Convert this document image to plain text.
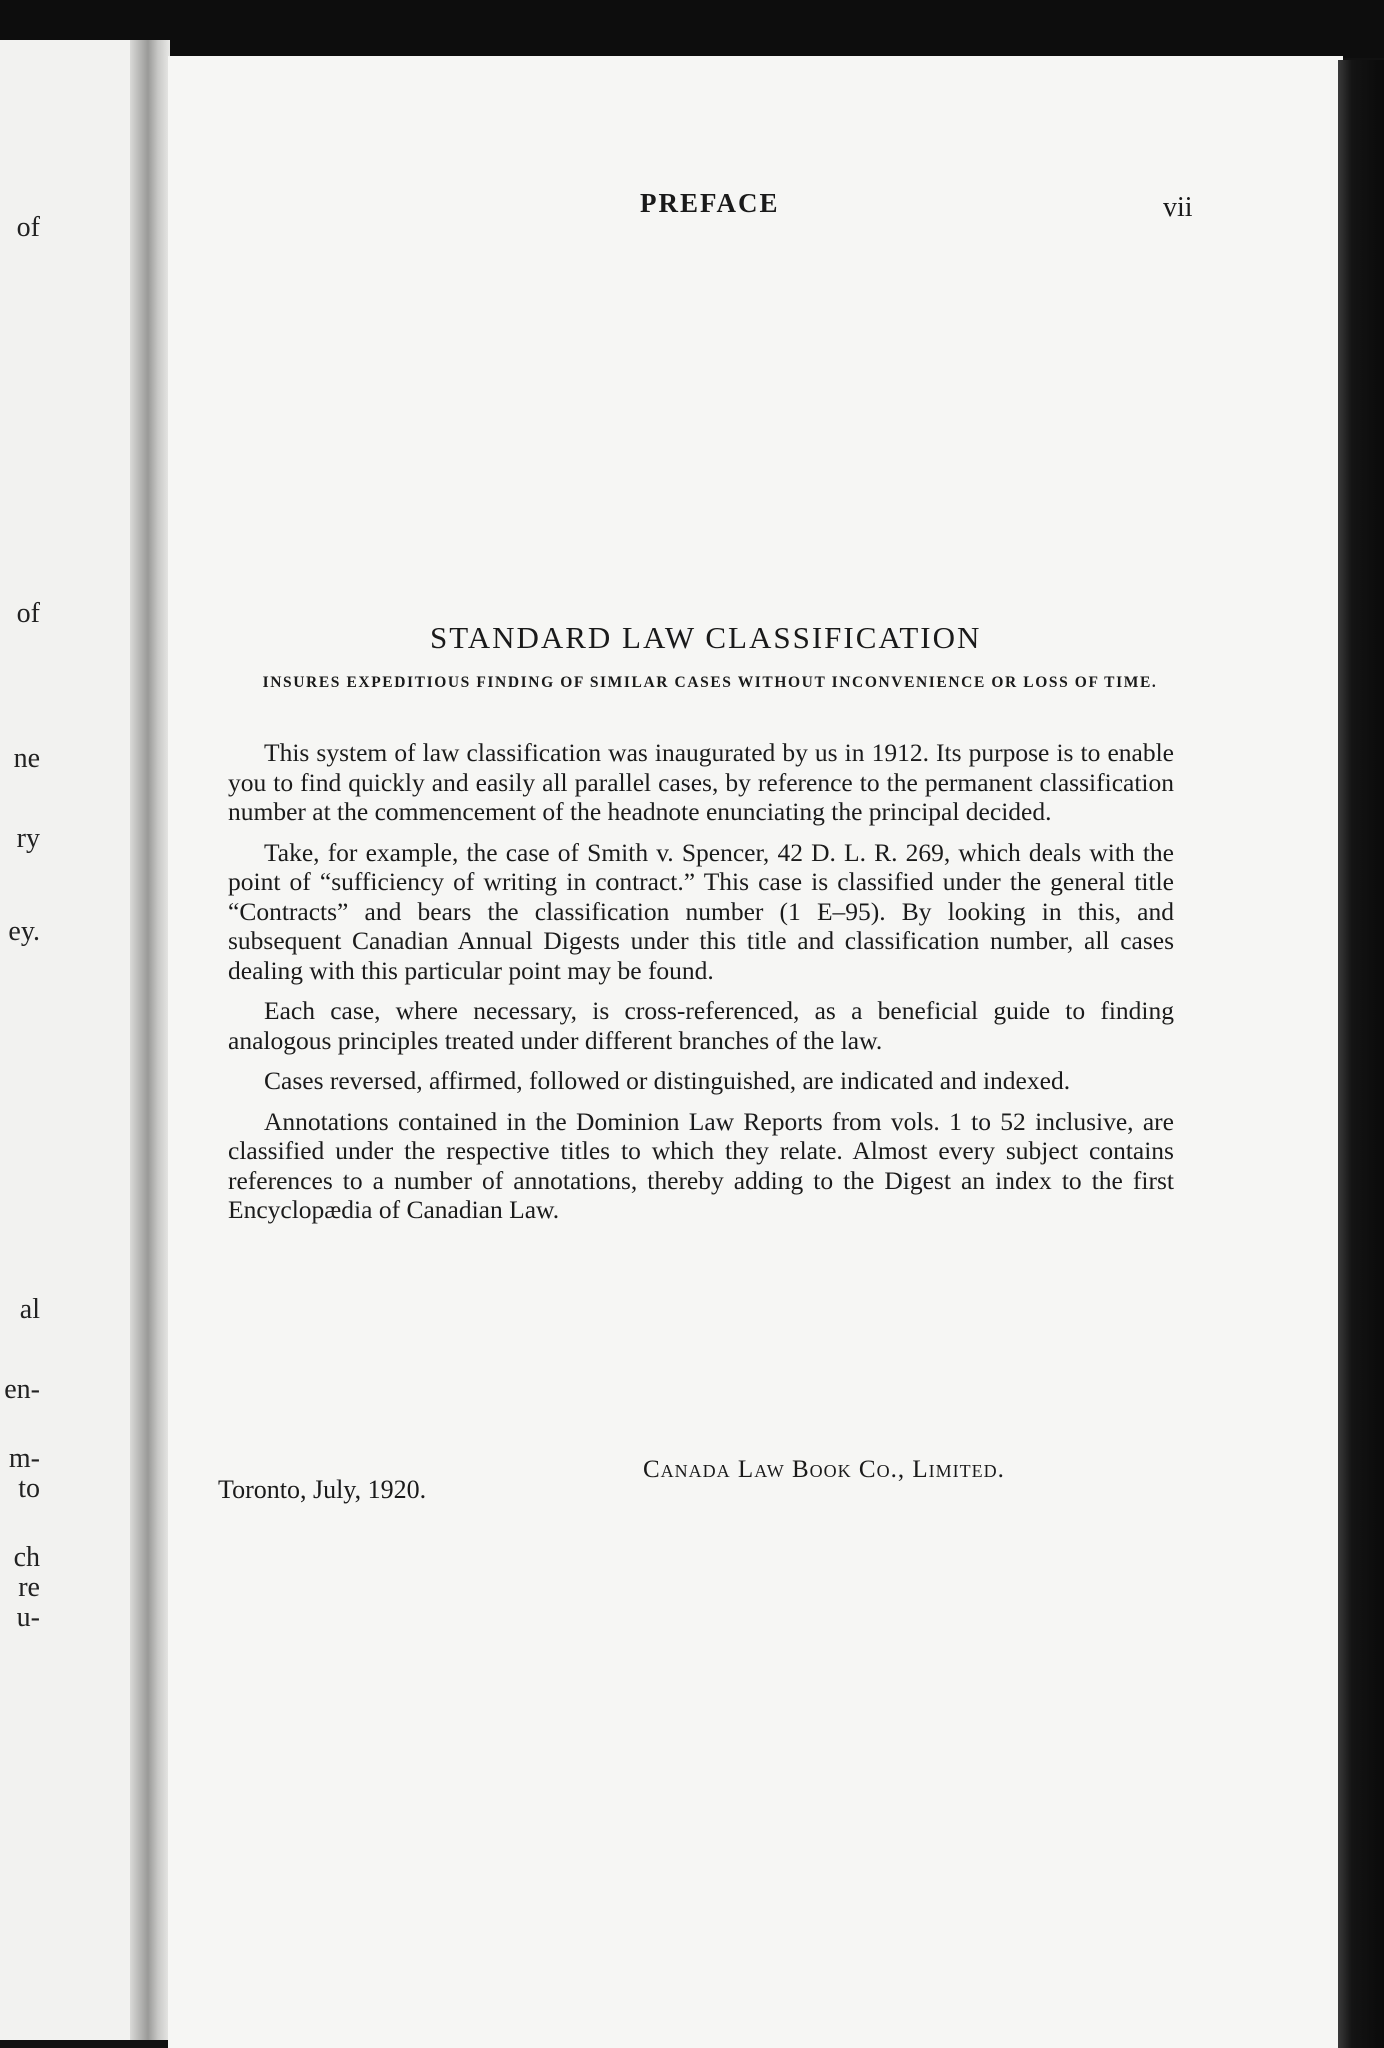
of
of
ne
ry
ey.
al
en-
m-
to
ch
re
u-
PREFACE	vii
STANDARD LAW CLASSIFICATION
INSURES EXPEDITIOUS FINDING OF SIMILAR CASES WITHOUT INCONVENIENCE OR LOSS OF TIME.

This system of law classification was inaugurated by us in 1912. Its purpose is to enable you to find quickly and easily all parallel cases, by reference to the permanent classification number at the commencement of the headnote enunciating the principal decided.

Take, for example, the case of Smith v. Spencer, 42 D. L. R. 269, which deals with the point of “sufficiency of writing in contract.” This case is classified under the general title “Contracts” and bears the classification number (1 E–95). By looking in this, and subsequent Canadian Annual Digests under this title and classification number, all cases dealing with this particular point may be found.

Each case, where necessary, is cross-referenced, as a beneficial guide to finding analogous principles treated under different branches of the law.

Cases reversed, affirmed, followed or distinguished, are indicated and indexed.

Annotations contained in the Dominion Law Reports from vols. 1 to 52 inclusive, are classified under the respective titles to which they relate. Almost every subject contains references to a number of annotations, thereby adding to the Digest an index to the first Encyclopædia of Canadian Law.

Canada Law Book Co., Limited.
Toronto, July, 1920.
